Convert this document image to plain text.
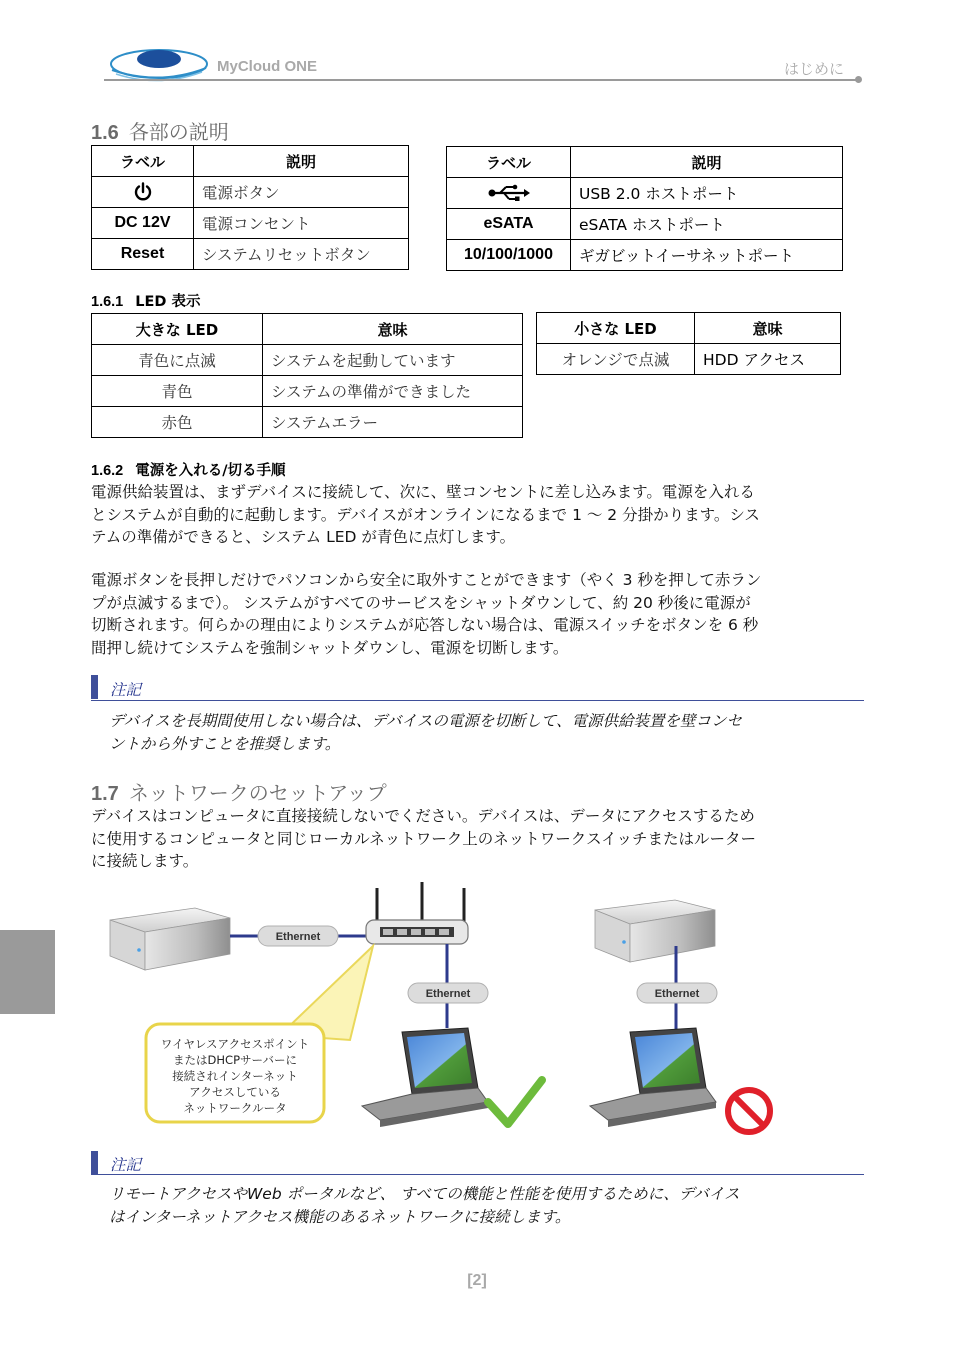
MyCloud ONE	はじめに
1.6 各部の説明
ラベル	説明
	電源ボタン
DC 12V	電源コンセント
Reset	システムリセットボタン
ラベル	説明
	USB 2.0 ホストポート
eSATA	eSATA ホストポート
10/100/1000	ギガビットイーサネットポート
1.6.1 LED 表示
大きな LED	意味
青色に点滅	システムを起動しています
青色	システムの準備ができました
赤色	システムエラー
小さな LED	意味
オレンジで点滅	HDD アクセス
1.6.2 電源を入れる/切る手順
電源供給装置は、まずデバイスに接続して、次に、壁コンセントに差し込みます。電源を入れる
とシステムが自動的に起動します。デバイスがオンラインになるまで 1 〜 2 分掛かります。シス
テムの準備ができると、システム LED が青色に点灯します。
電源ボタンを長押しだけでパソコンから安全に取外すことができます（やく 3 秒を押して赤ラン
プが点滅するまで）。 システムがすべてのサービスをシャットダウンして、約 20 秒後に電源が
切断されます。何らかの理由によりシステムが応答しない場合は、電源スイッチをボタンを 6 秒
間押し続けてシステムを強制シャットダウンし、電源を切断します。
注記
デバイスを長期間使用しない場合は、デバイスの電源を切断して、電源供給装置を壁コンセ
ントから外すことを推奨します。
1.7 ネットワークのセットアップ
デバイスはコンピュータに直接接続しないでください。デバイスは、データにアクセスするため
に使用するコンピュータと同じローカルネットワーク上のネットワークスイッチまたはルーター
に接続します。
Ethernet
Ethernet
ワイヤレスアクセスポイント
またはDHCPサーバーに
接続されインターネット
アクセスしている
ネットワークルータ
Ethernet
注記
リモートアクセスやWeb ポータルなど、 すべての機能と性能を使用するために、デバイス
はインターネットアクセス機能のあるネットワークに接続します。
[2]
